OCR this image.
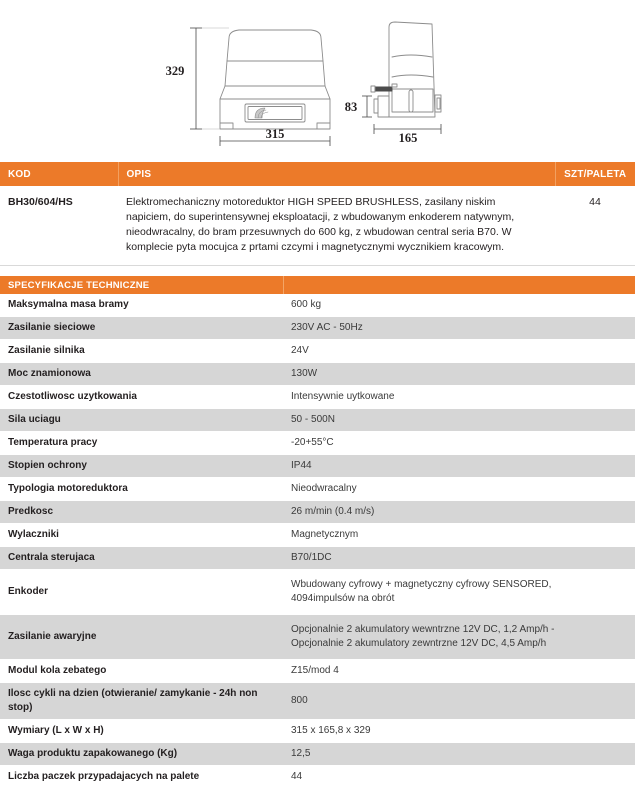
329
315
83
165
KOD	OPIS	SZT/PALETA
BH30/604/HS	Elektromechaniczny motoreduktor HIGH SPEED BRUSHLESS, zasilany niskim napiciem, do superintensywnej eksploatacji, z wbudowanym enkoderem natywnym, nieodwracalny, do bram przesuwnych do 600 kg, z wbudowan central seria B70. W komplecie pyta mocujca z prtami czcymi i magnetycznymi wycznikiem kracowym.	44
SPECYFIKACJE TECHNICZNE	
Maksymalna masa bramy	600 kg
Zasilanie sieciowe	230V AC - 50Hz
Zasilanie silnika	24V
Moc znamionowa	130W
Czestotliwosc uzytkowania	Intensywnie uytkowane
Sila uciagu	50 - 500N
Temperatura pracy	-20+55°C
Stopien ochrony	IP44
Typologia motoreduktora	Nieodwracalny
Predkosc	26 m/min (0.4 m/s)
Wylaczniki	Magnetycznym
Centrala sterujaca	B70/1DC
Enkoder	Wbudowany cyfrowy + magnetyczny cyfrowy SENSORED, 4094impulsów na obrót
Zasilanie awaryjne	Opcjonalnie 2 akumulatory wewntrzne 12V DC, 1,2 Amp/h - Opcjonalnie 2 akumulatory zewntrzne 12V DC, 4,5 Amp/h
Modul kola zebatego	Z15/mod 4
Ilosc cykli na dzien (otwieranie/ zamykanie - 24h non stop)	800
Wymiary (L x W x H)	315 x 165,8 x 329
Waga produktu zapakowanego (Kg)	12,5
Liczba paczek przypadajacych na palete	44
